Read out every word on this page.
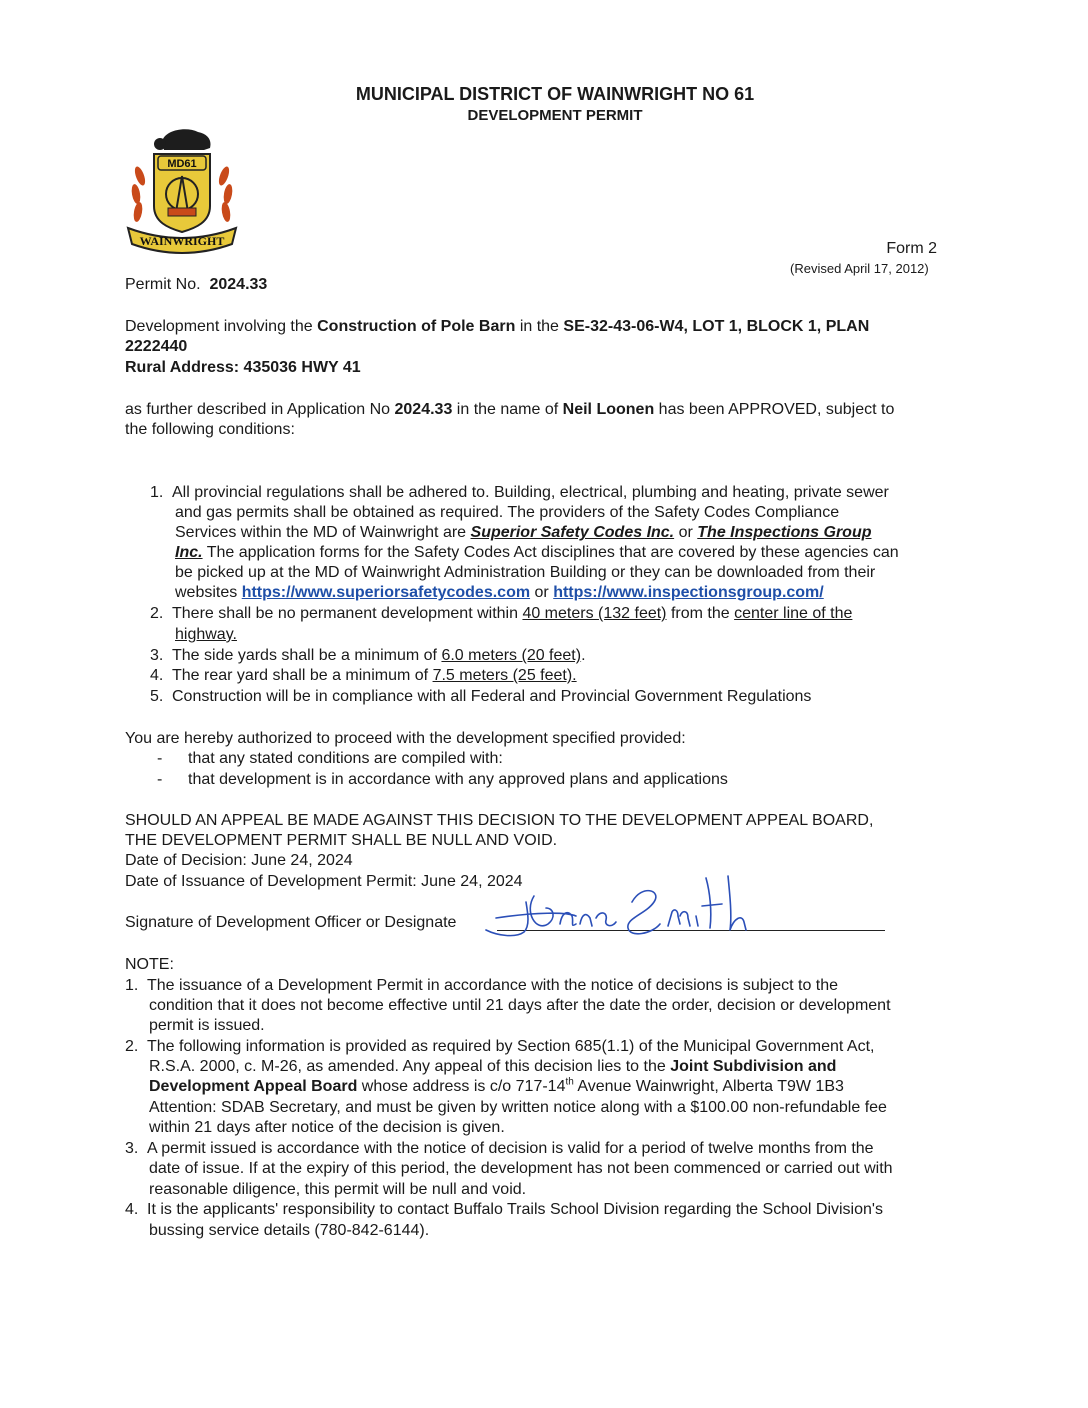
MUNICIPAL DISTRICT OF WAINWRIGHT NO 61
DEVELOPMENT PERMIT
MD61
WAINWRIGHT	Form 2
(Revised April 17, 2012)
Permit No. 2024.33
Development involving the Construction of Pole Barn in the SE-32-43-06-W4, LOT 1, BLOCK 1, PLAN
2222440
Rural Address: 435036 HWY 41
as further described in Application No 2024.33 in the name of Neil Loonen has been APPROVED, subject to
the following conditions:
1. All provincial regulations shall be adhered to. Building, electrical, plumbing and heating, private sewer
and gas permits shall be obtained as required. The providers of the Safety Codes Compliance
Services within the MD of Wainwright are Superior Safety Codes Inc. or The Inspections Group
Inc. The application forms for the Safety Codes Act disciplines that are covered by these agencies can
be picked up at the MD of Wainwright Administration Building or they can be downloaded from their
websites https://www.superiorsafetycodes.com or https://www.inspectionsgroup.com/
2. There shall be no permanent development within 40 meters (132 feet) from the center line of the
highway.
3. The side yards shall be a minimum of 6.0 meters (20 feet).
4. The rear yard shall be a minimum of 7.5 meters (25 feet).
5. Construction will be in compliance with all Federal and Provincial Government Regulations
You are hereby authorized to proceed with the development specified provided:
- that any stated conditions are compiled with:
- that development is in accordance with any approved plans and applications
SHOULD AN APPEAL BE MADE AGAINST THIS DECISION TO THE DEVELOPMENT APPEAL BOARD,
THE DEVELOPMENT PERMIT SHALL BE NULL AND VOID.
Date of Decision: June 24, 2024
Date of Issuance of Development Permit: June 24, 2024
Signature of Development Officer or Designate
NOTE:
1. The issuance of a Development Permit in accordance with the notice of decisions is subject to the
condition that it does not become effective until 21 days after the date the order, decision or development
permit is issued.
2. The following information is provided as required by Section 685(1.1) of the Municipal Government Act,
R.S.A. 2000, c. M-26, as amended. Any appeal of this decision lies to the Joint Subdivision and
Development Appeal Board whose address is c/o 717-14th Avenue Wainwright, Alberta T9W 1B3
Attention: SDAB Secretary, and must be given by written notice along with a $100.00 non-refundable fee
within 21 days after notice of the decision is given.
3. A permit issued is accordance with the notice of decision is valid for a period of twelve months from the
date of issue. If at the expiry of this period, the development has not been commenced or carried out with
reasonable diligence, this permit will be null and void.
4. It is the applicants' responsibility to contact Buffalo Trails School Division regarding the School Division's
bussing service details (780-842-6144).
